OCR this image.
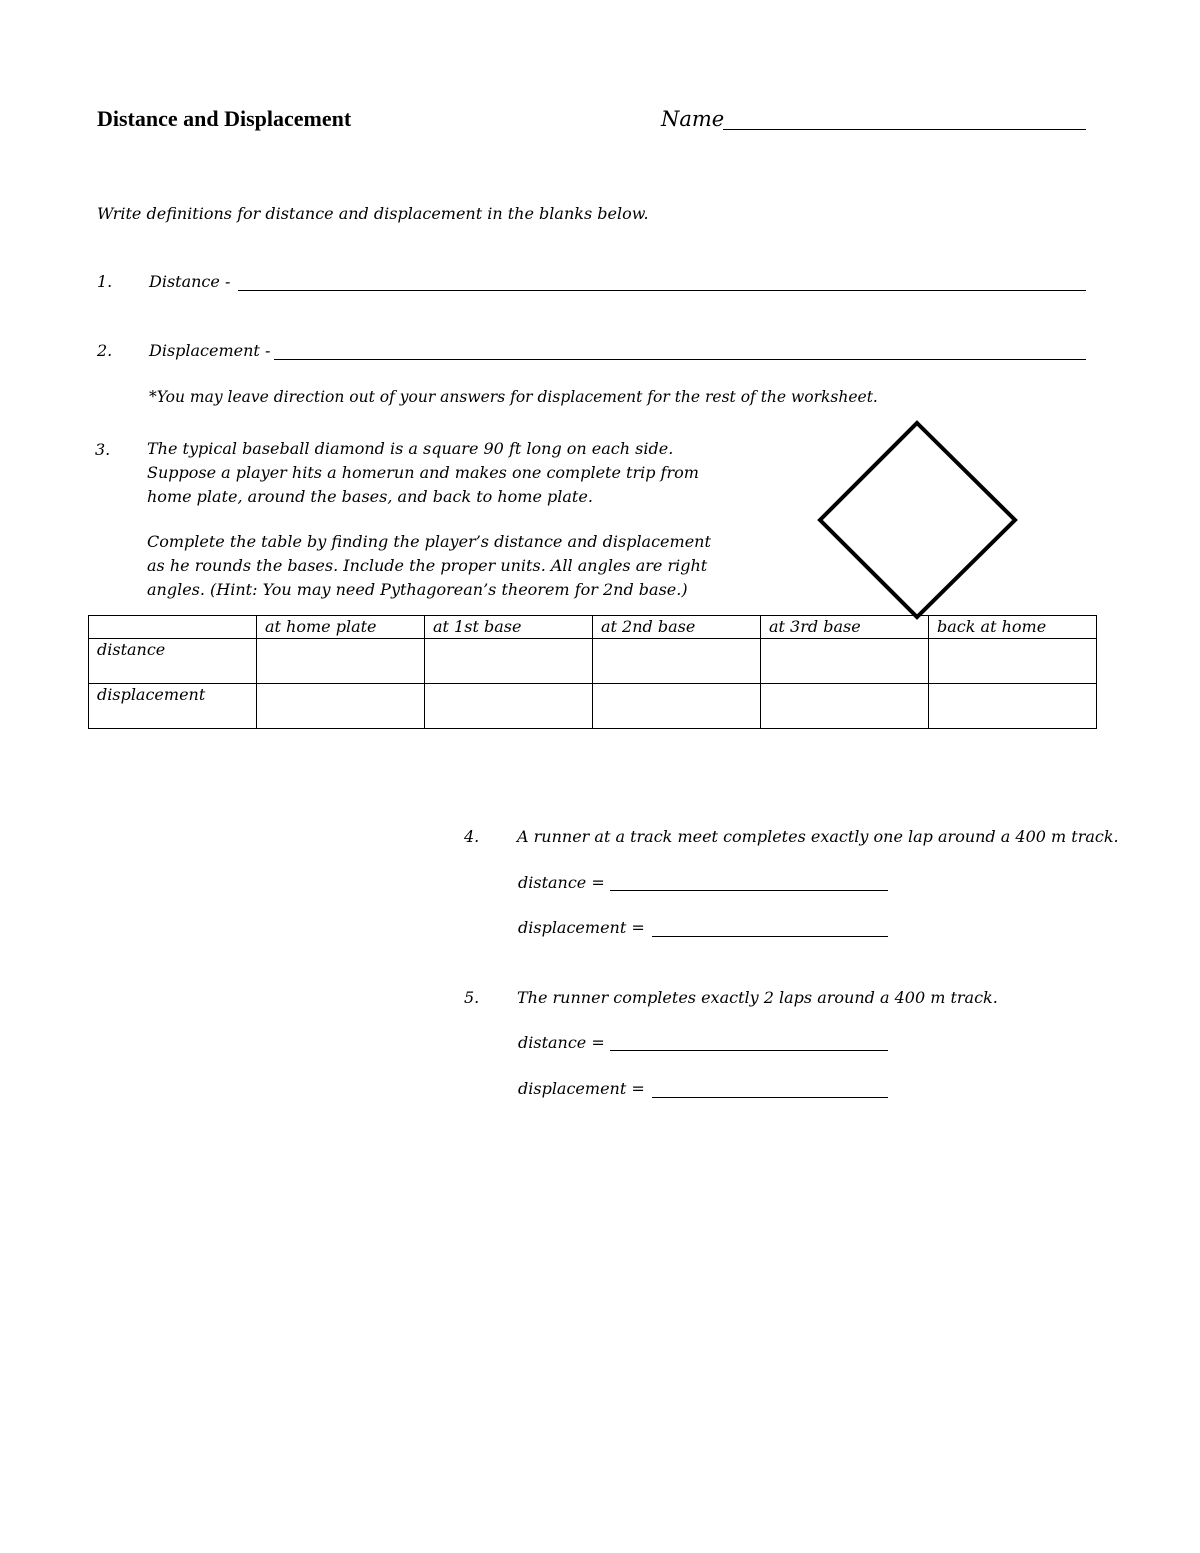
Distance and Displacement	Name
Write definitions for distance and displacement in the blanks below.
1. Distance -
2. Displacement -
*You may leave direction out of your answers for displacement for the rest of the worksheet.
3. The typical baseball diamond is a square 90 ft long on each side.
Suppose a player hits a homerun and makes one complete trip from
home plate, around the bases, and back to home plate.
Complete the table by finding the player’s distance and displacement
as he rounds the bases. Include the proper units. All angles are right
angles. (Hint: You may need Pythagorean’s theorem for 2nd base.)
	at home plate	at 1st base	at 2nd base	at 3rd base	back at home
distance					
displacement					
4. A runner at a track meet completes exactly one lap around a 400 m track.
distance =
displacement =
5. The runner completes exactly 2 laps around a 400 m track.
distance =
displacement =
